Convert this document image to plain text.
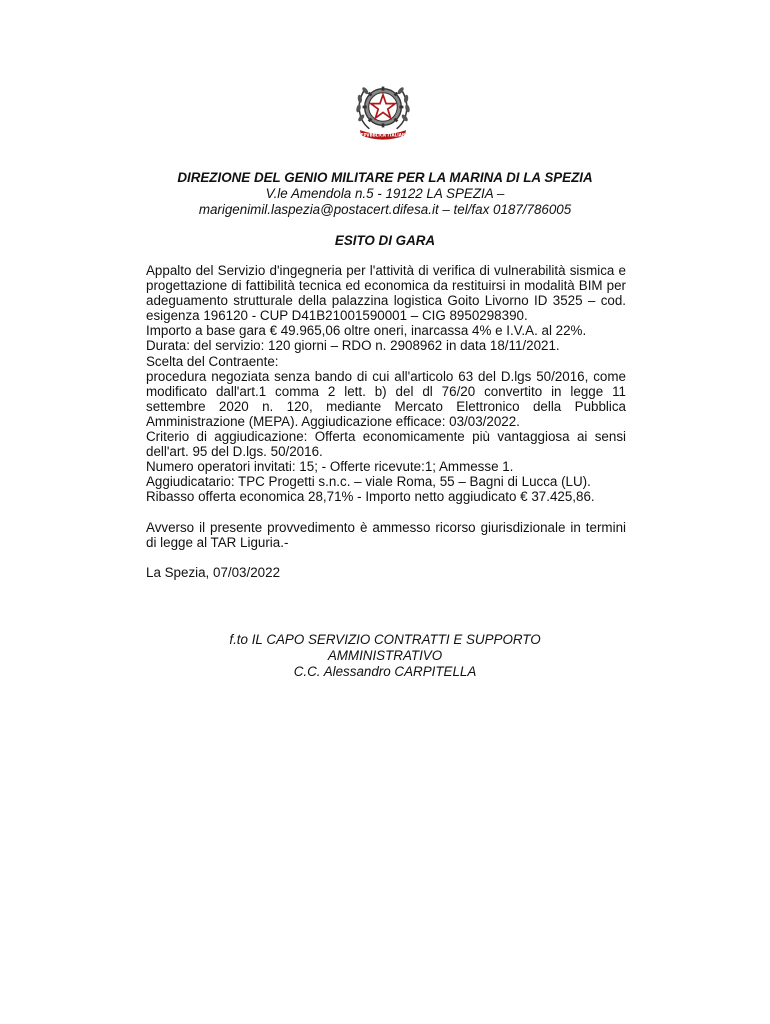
REPVBBLICA ITALIANA
DIREZIONE DEL GENIO MILITARE PER LA MARINA DI LA SPEZIA
V.le Amendola n.5 - 19122 LA SPEZIA –
marigenimil.laspezia@postacert.difesa.it – tel/fax 0187/786005
ESITO DI GARA

Appalto del Servizio d'ingegneria per l'attività di verifica di vulnerabilità sismica e progettazione di fattibilità tecnica ed economica da restituirsi in modalità BIM per adeguamento strutturale della palazzina logistica Goito Livorno ID 3525 – cod. esigenza 196120 - CUP D41B21001590001 – CIG 8950298390.

Importo a base gara € 49.965,06 oltre oneri, inarcassa 4% e I.V.A. al 22%.

Durata: del servizio: 120 giorni – RDO n. 2908962 in data 18/11/2021.

Scelta del Contraente:

procedura negoziata senza bando di cui all'articolo 63 del D.lgs 50/2016, come modificato dall'art.1 comma 2 lett. b) del dl 76/20 convertito in legge 11 settembre 2020 n. 120, mediante Mercato Elettronico della Pubblica Amministrazione (MEPA). Aggiudicazione efficace: 03/03/2022.

Criterio di aggiudicazione: Offerta economicamente più vantaggiosa ai sensi dell'art. 95 del D.lgs. 50/2016.

Numero operatori invitati: 15; - Offerte ricevute:1; Ammesse 1.

Aggiudicatario: TPC Progetti s.n.c. – viale Roma, 55 – Bagni di Lucca (LU).

Ribasso offerta economica 28,71% - Importo netto aggiudicato € 37.425,86.

Avverso il presente provvedimento è ammesso ricorso giurisdizionale in termini di legge al TAR Liguria.-

La Spezia, 07/03/2022

f.to IL CAPO SERVIZIO CONTRATTI E SUPPORTO
AMMINISTRATIVO
C.C. Alessandro CARPITELLA
